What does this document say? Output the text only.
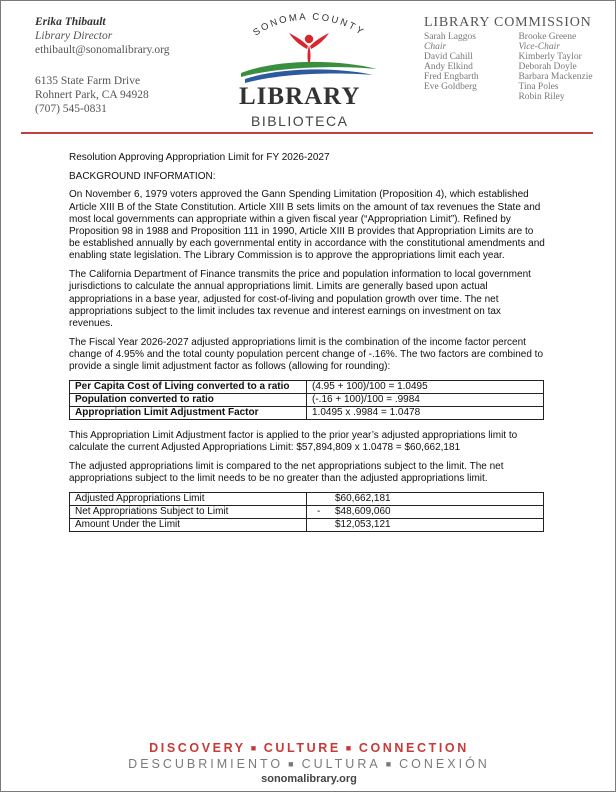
Erika Thibault
Library Director
ethibault@sonomalibrary.org
6135 State Farm Drive
Rohnert Park, CA 94928
(707) 545-0831
SONOMA COUNTY
LIBRARY
BIBLIOTECA
LIBRARY COMMISSION
Sarah Laggos
Chair
David Cahill
Andy Elkind
Fred Engbarth
Eve Goldberg
Brooke Greene
Vice-Chair
Kimberly Taylor
Deborah Doyle
Barbara Mackenzie
Tina Poles
Robin Riley

Resolution Approving Appropriation Limit for FY 2026-2027

BACKGROUND INFORMATION:

On November 6, 1979 voters approved the Gann Spending Limitation (Proposition 4), which established Article XIII B of the State Constitution. Article XIII B sets limits on the amount of tax revenues the State and most local governments can appropriate within a given fiscal year (“Appropriation Limit”). Refined by Proposition 98 in 1988 and Proposition 111 in 1990, Article XIII B provides that Appropriation Limits are to be established annually by each governmental entity in accordance with the constitutional amendments and enabling state legislation. The Library Commission is to approve the appropriations limit each year.

The California Department of Finance transmits the price and population information to local government jurisdictions to calculate the annual appropriations limit. Limits are generally based upon actual appropriations in a base year, adjusted for cost-of-living and population growth over time. The net appropriations subject to the limit includes tax revenue and interest earnings on investment on tax revenues.

The Fiscal Year 2026-2027 adjusted appropriations limit is the combination of the income factor percent change of 4.95% and the total county population percent change of -.16%. The two factors are combined to provide a single limit adjustment factor as follows (allowing for rounding):

Per Capita Cost of Living converted to a ratio	(4.95 + 100)/100 = 1.0495
Population converted to ratio	(-.16 + 100)/100 = .9984
Appropriation Limit Adjustment Factor	1.0495 x .9984 = 1.0478

This Appropriation Limit Adjustment factor is applied to the prior year’s adjusted appropriations limit to calculate the current Adjusted Appropriations Limit: $57,894,809 x 1.0478 = $60,662,181

The adjusted appropriations limit is compared to the net appropriations subject to the limit. The net appropriations subject to the limit needs to be no greater than the adjusted appropriations limit.

Adjusted Appropriations Limit	$60,662,181
Net Appropriations Subject to Limit	- $48,609,060
Amount Under the Limit	$12,053,121
DISCOVERY ■ CULTURE ■ CONNECTION
DESCUBRIMIENTO ■ CULTURA ■ CONEXIÓN
sonomalibrary.org
